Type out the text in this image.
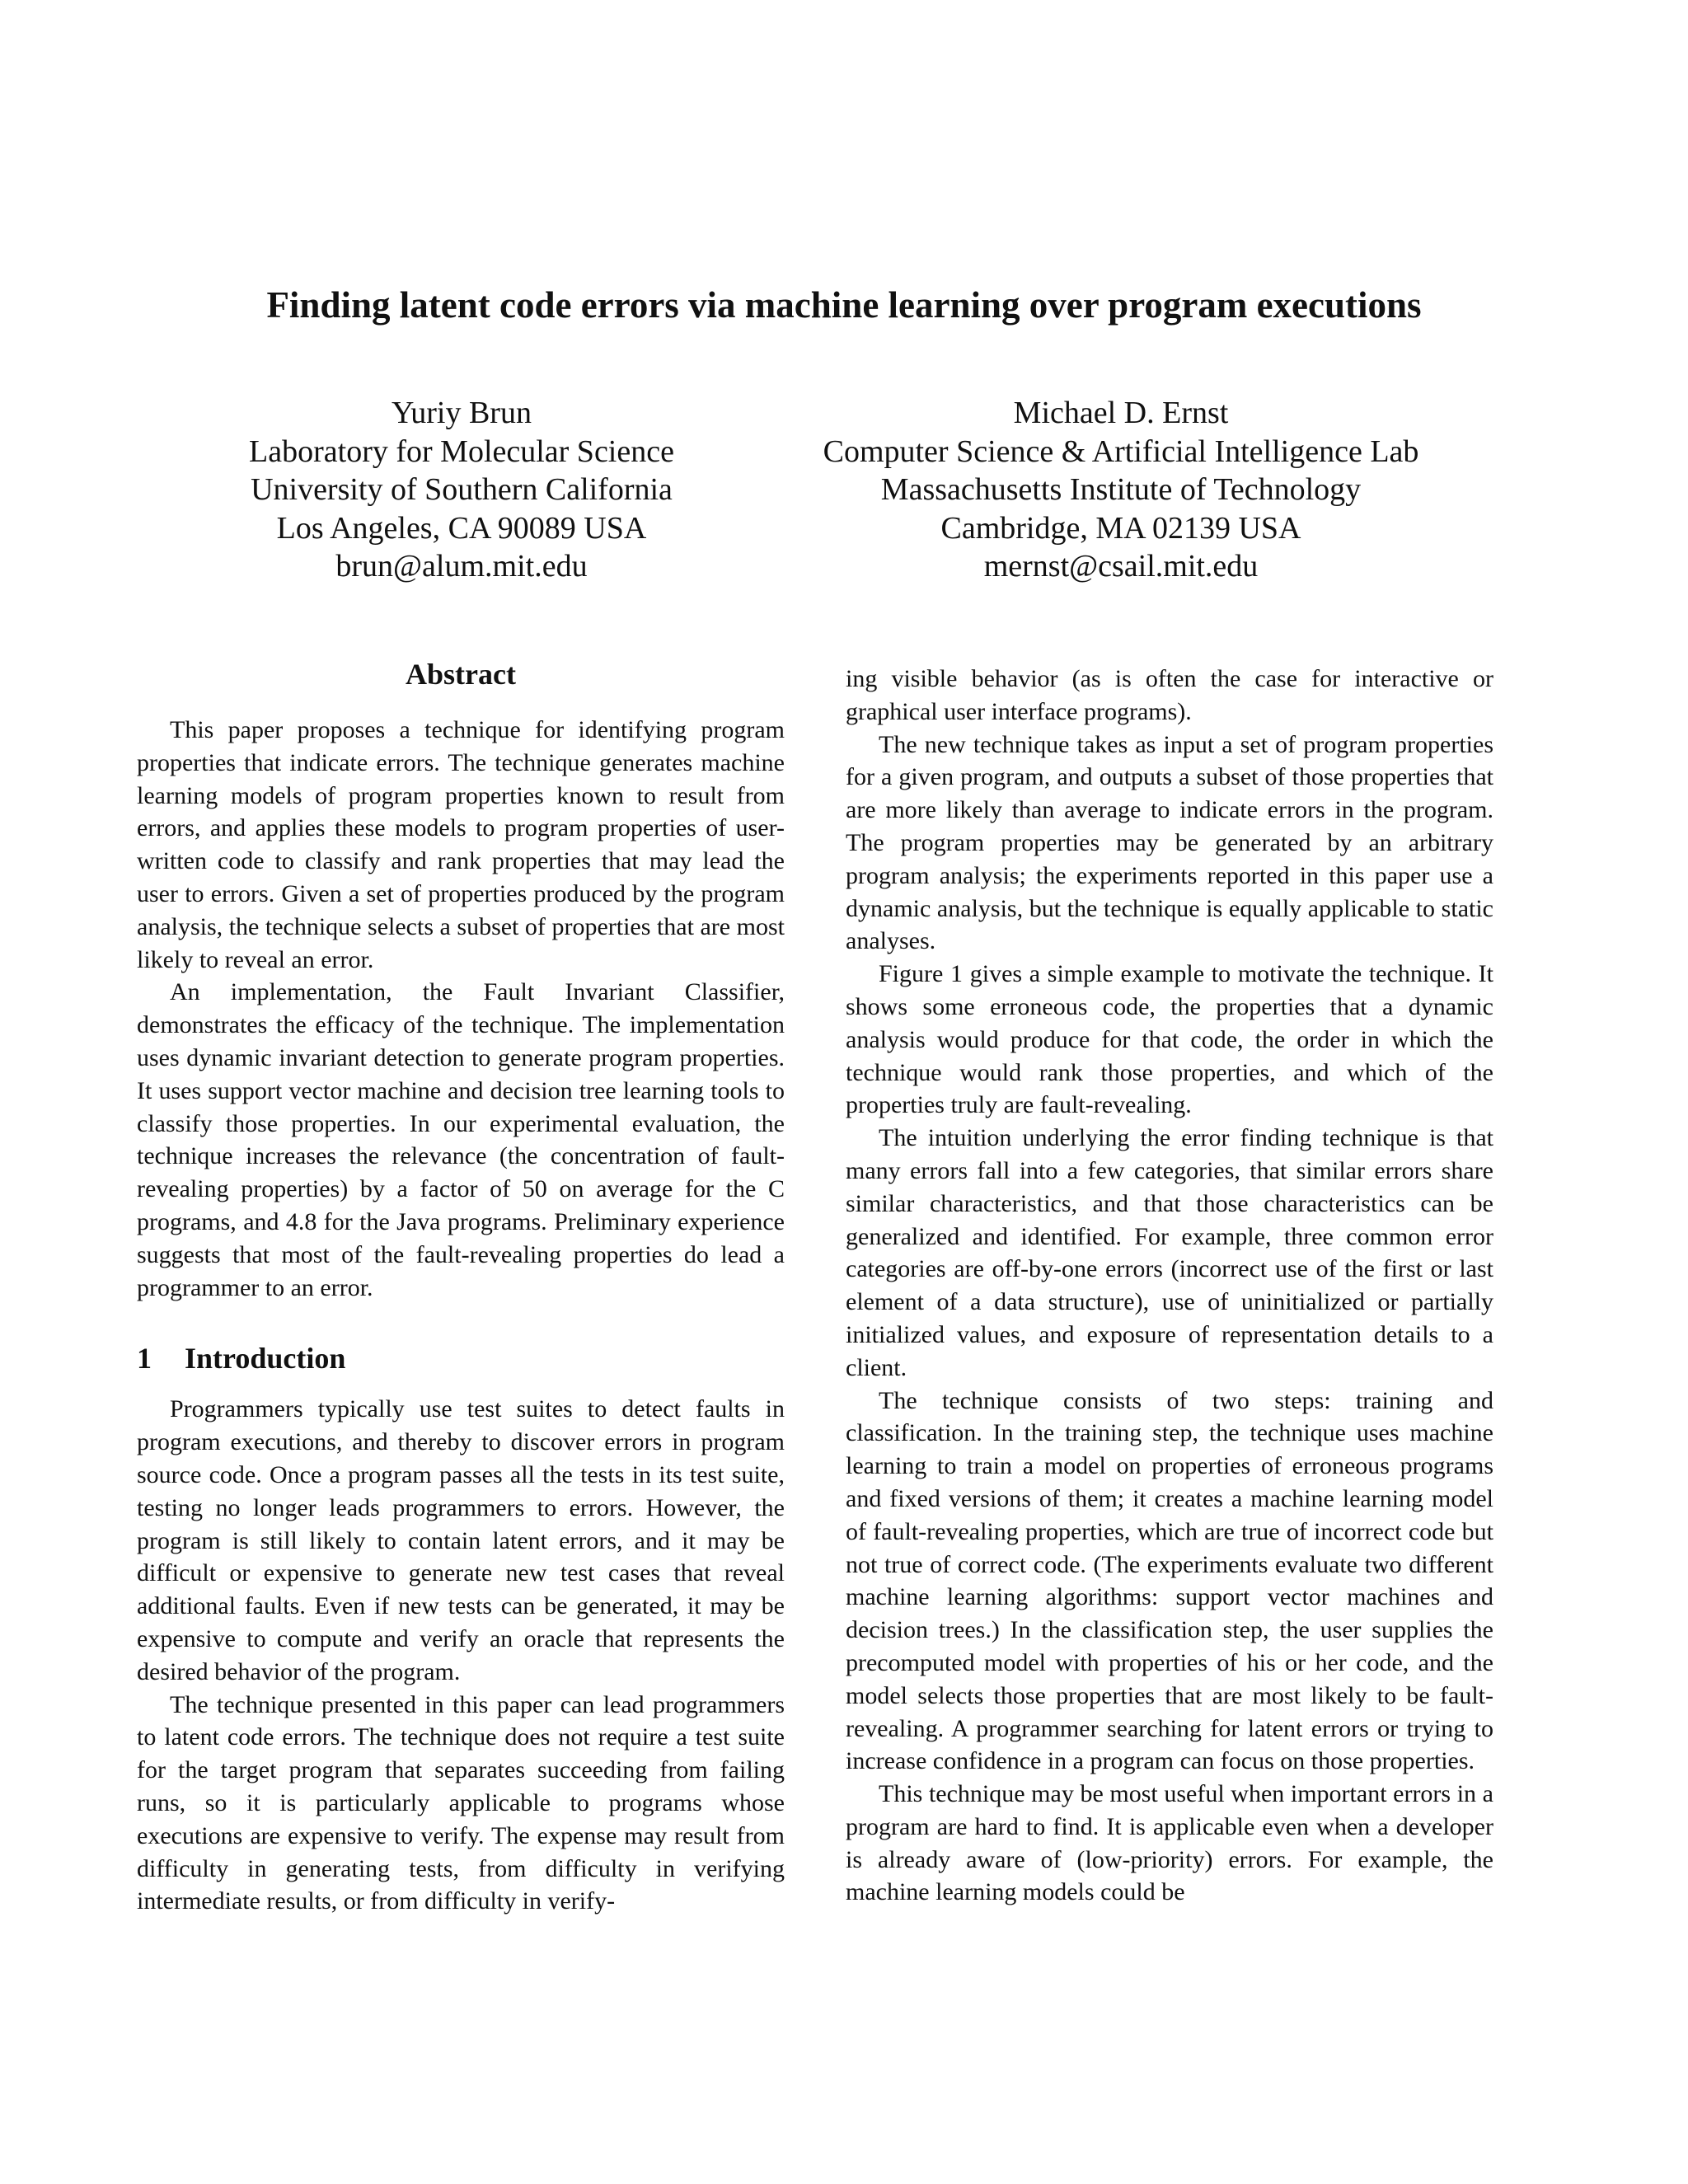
Finding latent code errors via machine learning over program executions
Yuriy Brun
Laboratory for Molecular Science
University of Southern California
Los Angeles, CA 90089 USA
brun@alum.mit.edu
Michael D. Ernst
Computer Science & Artificial Intelligence Lab
Massachusetts Institute of Technology
Cambridge, MA 02139 USA
mernst@csail.mit.edu
Abstract

This paper proposes a technique for identifying program properties that indicate errors. The technique generates machine learning models of program properties known to result from errors, and applies these models to program properties of user-written code to classify and rank properties that may lead the user to errors. Given a set of properties produced by the program analysis, the technique selects a subset of properties that are most likely to reveal an error.

An implementation, the Fault Invariant Classifier, demonstrates the efficacy of the technique. The implementation uses dynamic invariant detection to generate program properties. It uses support vector machine and decision tree learning tools to classify those properties. In our experimental evaluation, the technique increases the relevance (the concentration of fault-revealing properties) by a factor of 50 on average for the C programs, and 4.8 for the Java programs. Preliminary experience suggests that most of the fault-revealing properties do lead a programmer to an error.

1 Introduction

Programmers typically use test suites to detect faults in program executions, and thereby to discover errors in program source code. Once a program passes all the tests in its test suite, testing no longer leads programmers to errors. However, the program is still likely to contain latent errors, and it may be difficult or expensive to generate new test cases that reveal additional faults. Even if new tests can be generated, it may be expensive to compute and verify an oracle that represents the desired behavior of the program.

The technique presented in this paper can lead programmers to latent code errors. The technique does not require a test suite for the target program that separates succeeding from failing runs, so it is particularly applicable to programs whose executions are expensive to verify. The expense may result from difficulty in generating tests, from difficulty in verifying intermediate results, or from difficulty in verify-

ing visible behavior (as is often the case for interactive or graphical user interface programs).

The new technique takes as input a set of program properties for a given program, and outputs a subset of those properties that are more likely than average to indicate errors in the program. The program properties may be generated by an arbitrary program analysis; the experiments reported in this paper use a dynamic analysis, but the technique is equally applicable to static analyses.

Figure 1 gives a simple example to motivate the technique. It shows some erroneous code, the properties that a dynamic analysis would produce for that code, the order in which the technique would rank those properties, and which of the properties truly are fault-revealing.

The intuition underlying the error finding technique is that many errors fall into a few categories, that similar errors share similar characteristics, and that those characteristics can be generalized and identified. For example, three common error categories are off-by-one errors (incorrect use of the first or last element of a data structure), use of uninitialized or partially initialized values, and exposure of representation details to a client.

The technique consists of two steps: training and classification. In the training step, the technique uses machine learning to train a model on properties of erroneous programs and fixed versions of them; it creates a machine learning model of fault-revealing properties, which are true of incorrect code but not true of correct code. (The experiments evaluate two different machine learning algorithms: support vector machines and decision trees.) In the classification step, the user supplies the precomputed model with properties of his or her code, and the model selects those properties that are most likely to be fault-revealing. A programmer searching for latent errors or trying to increase confidence in a program can focus on those properties.

This technique may be most useful when important errors in a program are hard to find. It is applicable even when a developer is already aware of (low-priority) errors. For example, the machine learning models could be
